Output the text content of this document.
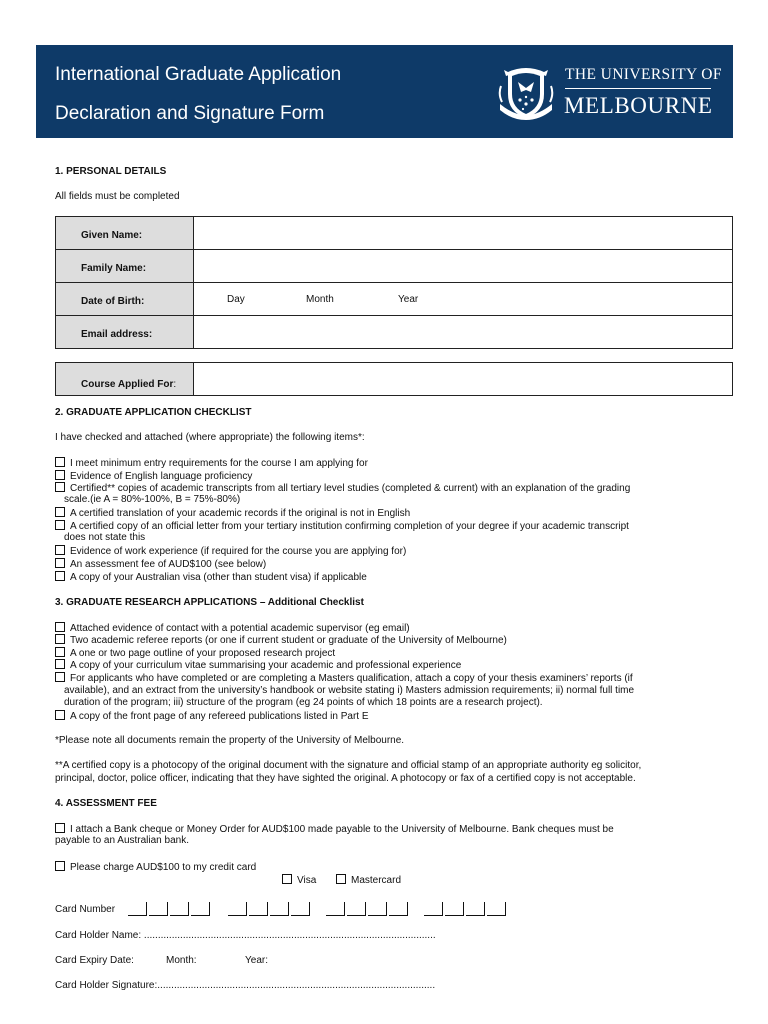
International Graduate Application
Declaration and Signature Form
THE UNIVERSITY OF
MELBOURNE
1. PERSONAL DETAILS
All fields must be completed
Given Name:	
Family Name:	
Date of Birth:	Day Month Year

Email address:	
Course Applied For:	
2. GRADUATE APPLICATION CHECKLIST
I have checked and attached (where appropriate) the following items*:
I meet minimum entry requirements for the course I am applying for
Evidence of English language proficiency
Certified** copies of academic transcripts from all tertiary level studies (completed & current) with an explanation of the grading
scale.(ie A = 80%-100%, B = 75%-80%)
A certified translation of your academic records if the original is not in English
A certified copy of an official letter from your tertiary institution confirming completion of your degree if your academic transcript
does not state this
Evidence of work experience (if required for the course you are applying for)
An assessment fee of AUD$100 (see below)
A copy of your Australian visa (other than student visa) if applicable
3. GRADUATE RESEARCH APPLICATIONS – Additional Checklist
Attached evidence of contact with a potential academic supervisor (eg email)
Two academic referee reports (or one if current student or graduate of the University of Melbourne)
A one or two page outline of your proposed research project
A copy of your curriculum vitae summarising your academic and professional experience
For applicants who have completed or are completing a Masters qualification, attach a copy of your thesis examiners’ reports (if
available), and an extract from the university’s handbook or website stating i) Masters admission requirements; ii) normal full time
duration of the program; iii) structure of the program (eg 24 points of which 18 points are a research project).
A copy of the front page of any refereed publications listed in Part E
*Please note all documents remain the property of the University of Melbourne.
**A certified copy is a photocopy of the original document with the signature and official stamp of an appropriate authority eg solicitor,
principal, doctor, police officer, indicating that they have sighted the original. A photocopy or fax of a certified copy is not acceptable.
4. ASSESSMENT FEE
I attach a Bank cheque or Money Order for AUD$100 made payable to the University of Melbourne. Bank cheques must be
payable to an Australian bank.
Please charge AUD$100 to my credit card
Visa	Mastercard
Card Number
Card Holder Name: .........................................................................................................
Card Expiry Date:	Month:	Year:
Card Holder Signature:....................................................................................................
